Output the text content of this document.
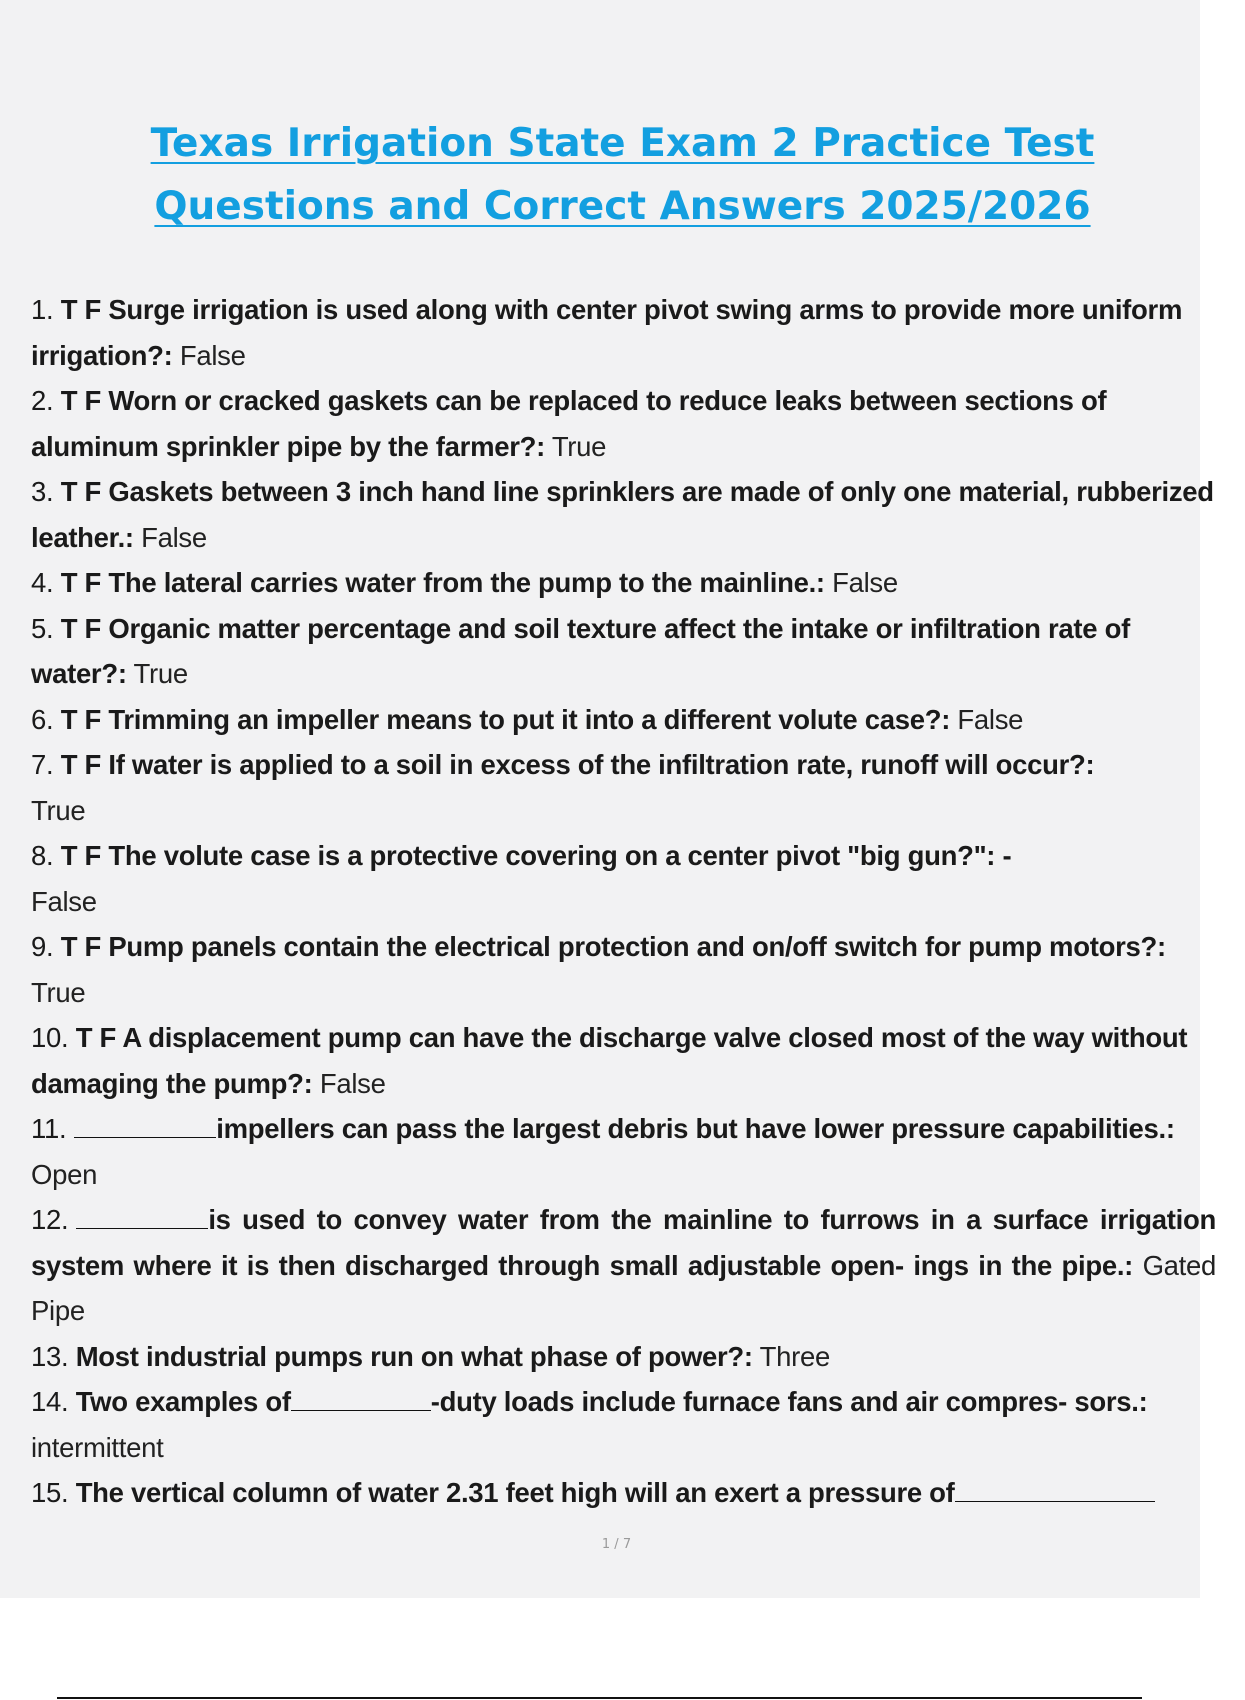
Texas Irrigation State Exam 2 Practice Test
Questions and Correct Answers 2025/2026

1. T F Surge irrigation is used along with center pivot swing arms to provide more uniform irrigation?: False

2. T F Worn or cracked gaskets can be replaced to reduce leaks between sections of aluminum sprinkler pipe by the farmer?: True

3. T F Gaskets between 3 inch hand line sprinklers are made of only one material, rubberized leather.: False

4. T F The lateral carries water from the pump to the mainline.: False

5. T F Organic matter percentage and soil texture affect the intake or infiltration rate of water?: True

6. T F Trimming an impeller means to put it into a different volute case?: False

7. T F If water is applied to a soil in excess of the infiltration rate, runoff will occur?:
True

8. T F The volute case is a protective covering on a center pivot "big gun?": -
False

9. T F Pump panels contain the electrical protection and on/off switch for pump motors?:
True

10. T F A displacement pump can have the discharge valve closed most of the way without damaging the pump?: False

11.	impellers can pass the largest debris but have lower pressure capabilities.: Open

12.	is used to convey water from the mainline to furrows in a surface irrigation system where it is then discharged through small adjustable open- ings in the pipe.: Gated Pipe

13. Most industrial pumps run on what phase of power?: Three

14. Two examples of	-duty loads include furnace fans and air compres- sors.: intermittent

15. The vertical column of water 2.31 feet high will an exert a pressure of

1 / 7
